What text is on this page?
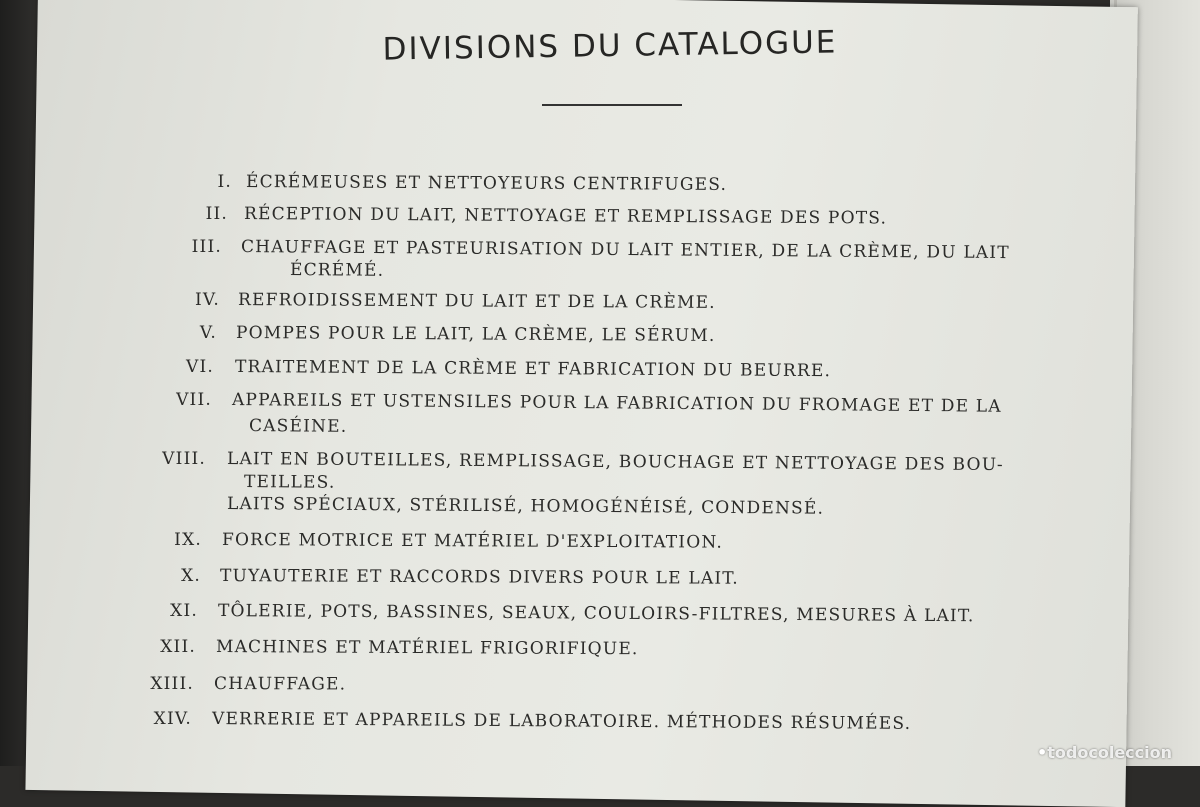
DIVISIONS DU CATALOGUE
I. ÉCRÉMEUSES ET NETTOYEURS CENTRIFUGES.
II. RÉCEPTION DU LAIT, NETTOYAGE ET REMPLISSAGE DES POTS.
III. CHAUFFAGE ET PASTEURISATION DU LAIT ENTIER, DE LA CRÈME, DU LAIT
ÉCRÉMÉ.
IV. REFROIDISSEMENT DU LAIT ET DE LA CRÈME.
V. POMPES POUR LE LAIT, LA CRÈME, LE SÉRUM.
VI. TRAITEMENT DE LA CRÈME ET FABRICATION DU BEURRE.
VII. APPAREILS ET USTENSILES POUR LA FABRICATION DU FROMAGE ET DE LA
CASÉINE.
VIII. LAIT EN BOUTEILLES, REMPLISSAGE, BOUCHAGE ET NETTOYAGE DES BOU-
TEILLES.
LAITS SPÉCIAUX, STÉRILISÉ, HOMOGÉNÉISÉ, CONDENSÉ.
IX. FORCE MOTRICE ET MATÉRIEL D'EXPLOITATION.
X. TUYAUTERIE ET RACCORDS DIVERS POUR LE LAIT.
XI. TÔLERIE, POTS, BASSINES, SEAUX, COULOIRS-FILTRES, MESURES À LAIT.
XII. MACHINES ET MATÉRIEL FRIGORIFIQUE.
XIII. CHAUFFAGE.
XIV. VERRERIE ET APPAREILS DE LABORATOIRE. MÉTHODES RÉSUMÉES.
•todocoleccion
